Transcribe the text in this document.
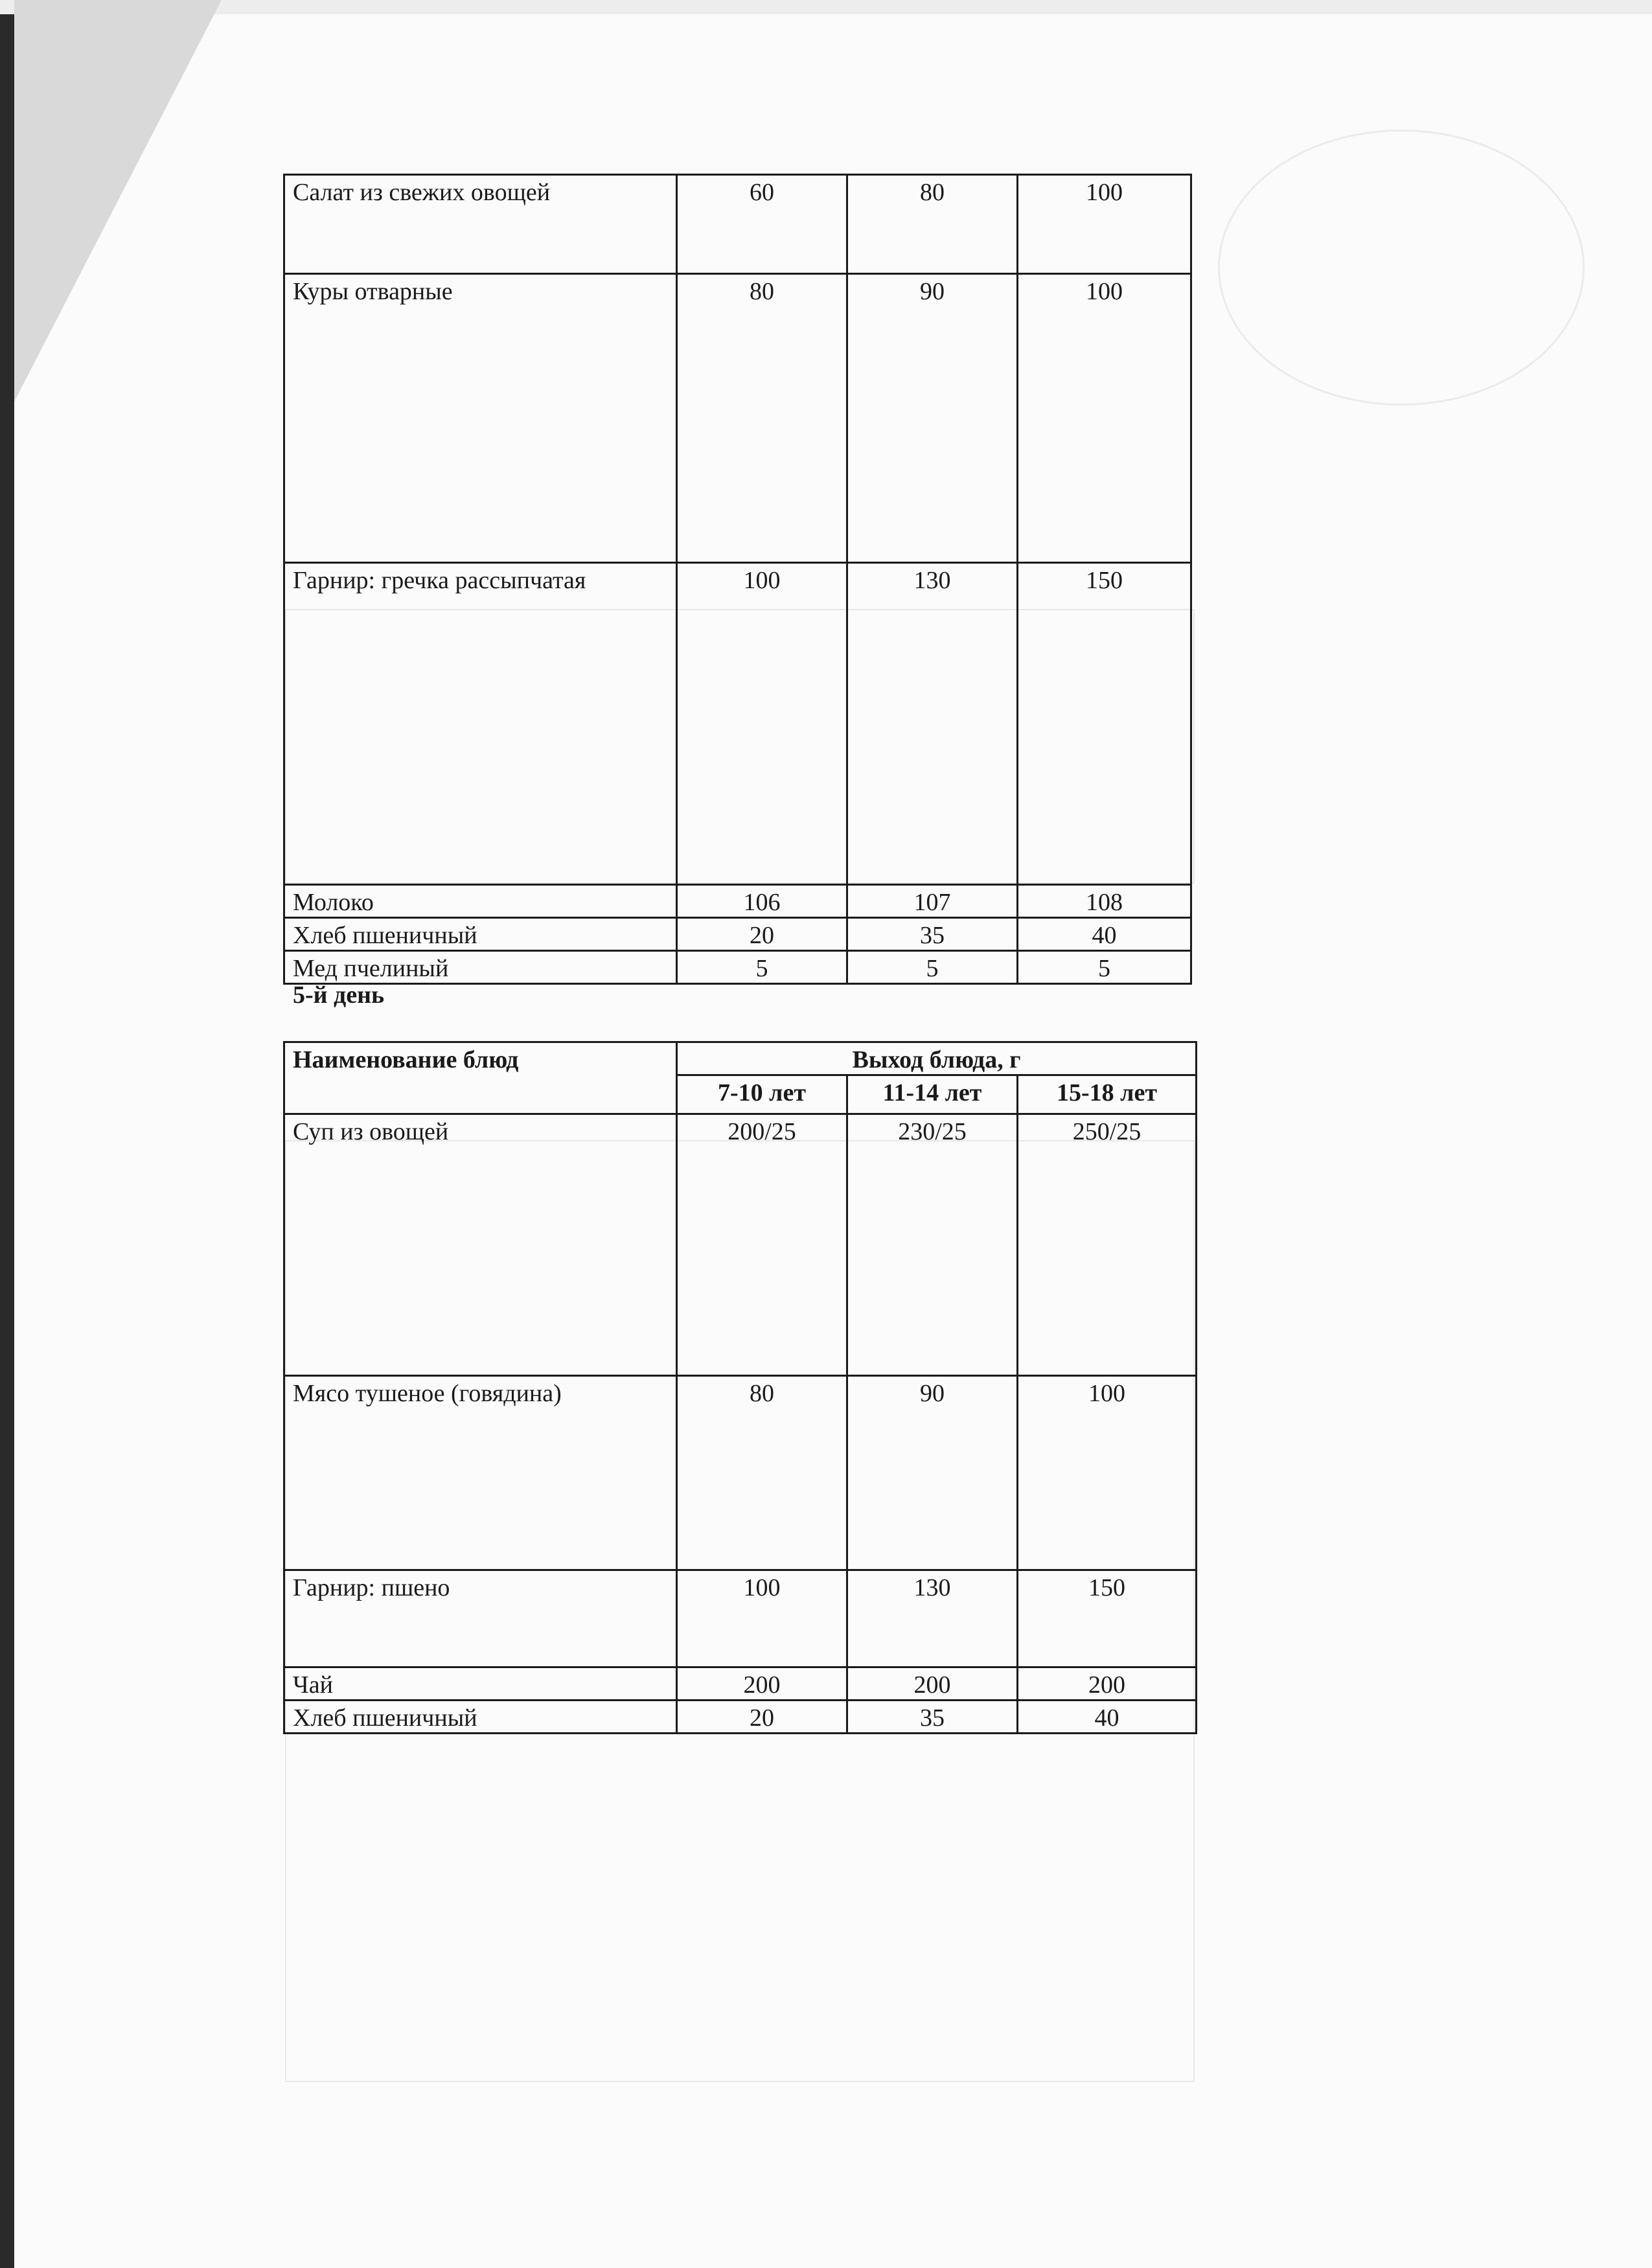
Салат из свежих овощей	60	80	100
Куры отварные	80	90	100
Гарнир: гречка рассыпчатая	100	130	150
Молоко	106	107	108
Хлеб пшеничный	20	35	40
Мед пчелиный	5	5	5
5-й день
Наименование блюд	Выход блюда, г		
	7-10 лет	11-14 лет	15-18 лет
Суп из овощей	200/25	230/25	250/25
Мясо тушеное (говядина)	80	90	100
Гарнир: пшено	100	130	150
Чай	200	200	200
Хлеб пшеничный	20	35	40
